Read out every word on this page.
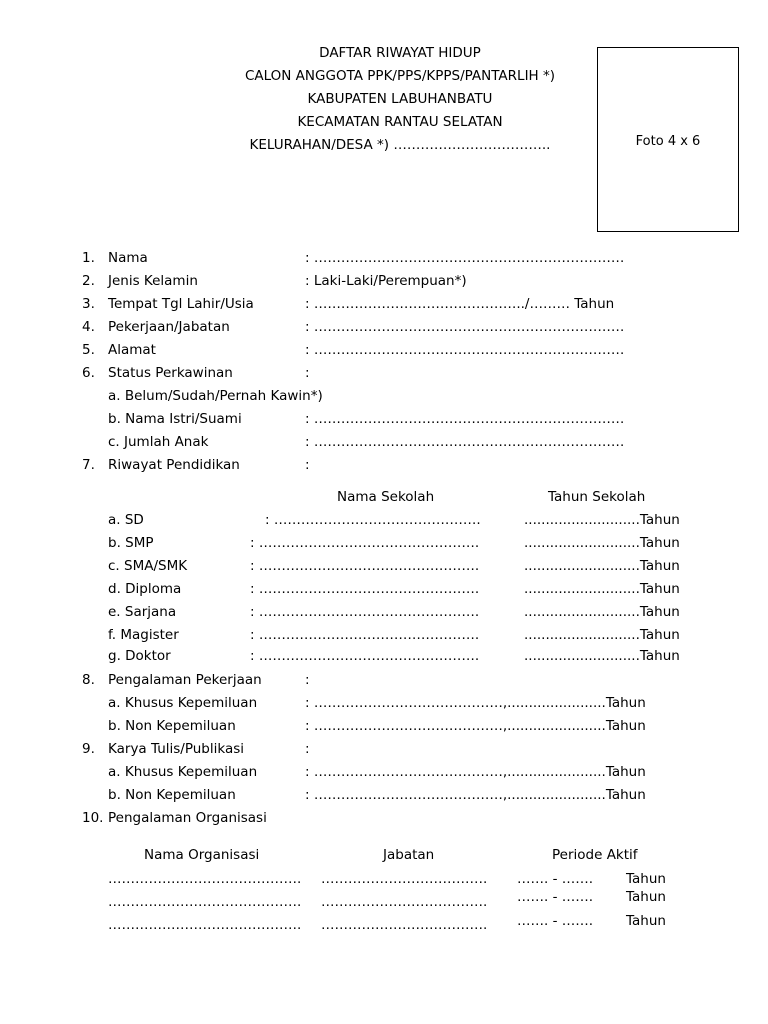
DAFTAR RIWAYAT HIDUP
CALON ANGGOTA PPK/PPS/KPPS/PANTARLIH *)
KABUPATEN LABUHANBATU
KECAMATAN RANTAU SELATAN
KELURAHAN/DESA *) ……………………………..	Foto 4 x 6
1. Nama	: ……………………………………………………………
2. Jenis Kelamin	: Laki-Laki/Perempuan*)
3. Tempat Tgl Lahir/Usia	: ………………………………………../……… Tahun
4. Pekerjaan/Jabatan	: ……………………………………………………………
5. Alamat	: ……………………………………………………………
6. Status Perkawinan	:
a. Belum/Sudah/Pernah Kawin*)
b. Nama Istri/Suami	: ……………………………………………………………
c. Jumlah Anak	: ……………………………………………………………
7. Riwayat Pendidikan	:
Nama Sekolah	Tahun Sekolah
a. SD	: ……………………………………….	...........................Tahun
b. SMP	: ………………………………………….	...........................Tahun
c. SMA/SMK	: ………………………………………….	...........................Tahun
d. Diploma	: ………………………………………….	...........................Tahun
e. Sarjana	: ………………………………………….	...........................Tahun
f. Magister	: ………………………………………….	...........................Tahun
g. Doktor	: ………………………………………….	...........................Tahun
8. Pengalaman Pekerjaan	:
a. Khusus Kepemiluan	: ……………………………………,.......................Tahun
b. Non Kepemiluan	: ……………………………………,.......................Tahun
9. Karya Tulis/Publikasi	:
a. Khusus Kepemiluan	: ……………………………………,.......................Tahun
b. Non Kepemiluan	: ……………………………………,.......................Tahun
10. Pengalaman Organisasi
Nama Organisasi	Jabatan	Periode Aktif
……………………………………. ………………………………. ……. - ……. Tahun
……………………………………. ………………………………. ……. - ……. Tahun
……………………………………. ………………………………. ……. - ……. Tahun
